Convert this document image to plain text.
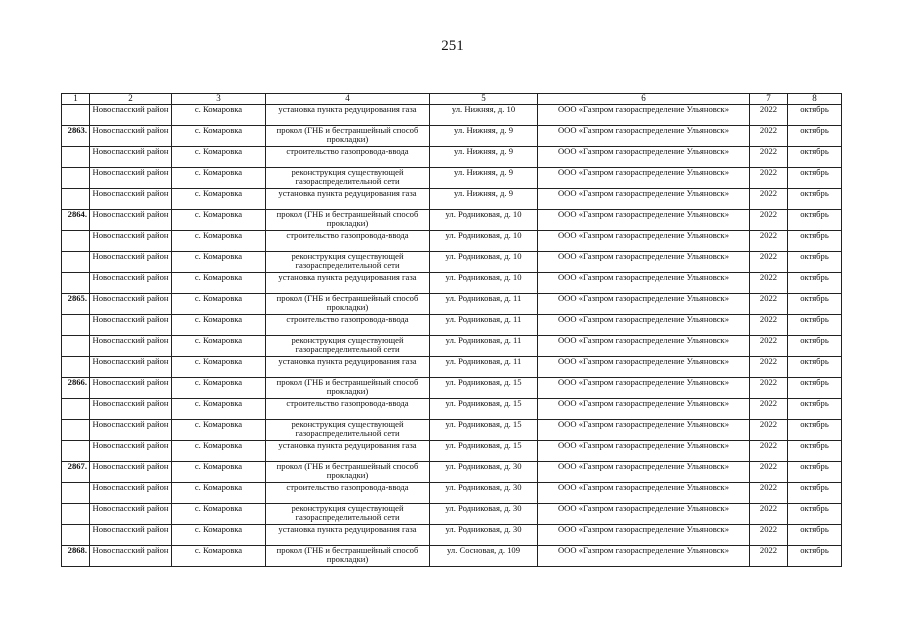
251
1	2	3	4	5	6	7	8
	Новоспасский район	с. Комаровка	установка пункта редуцирования газа	ул. Нижняя, д. 10	ООО «Газпром газораспределение Ульяновск»	2022	октябрь
2863.	Новоспасский район	с. Комаровка	прокол (ГНБ и бестраншейный способ прокладки)	ул. Нижняя, д. 9	ООО «Газпром газораспределение Ульяновск»	2022	октябрь
	Новоспасский район	с. Комаровка	строительство газопровода-ввода	ул. Нижняя, д. 9	ООО «Газпром газораспределение Ульяновск»	2022	октябрь
	Новоспасский район	с. Комаровка	реконструкция существующей газораспределительной сети	ул. Нижняя, д. 9	ООО «Газпром газораспределение Ульяновск»	2022	октябрь
	Новоспасский район	с. Комаровка	установка пункта редуцирования газа	ул. Нижняя, д. 9	ООО «Газпром газораспределение Ульяновск»	2022	октябрь
2864.	Новоспасский район	с. Комаровка	прокол (ГНБ и бестраншейный способ прокладки)	ул. Родниковая, д. 10	ООО «Газпром газораспределение Ульяновск»	2022	октябрь
	Новоспасский район	с. Комаровка	строительство газопровода-ввода	ул. Родниковая, д. 10	ООО «Газпром газораспределение Ульяновск»	2022	октябрь
	Новоспасский район	с. Комаровка	реконструкция существующей газораспределительной сети	ул. Родниковая, д. 10	ООО «Газпром газораспределение Ульяновск»	2022	октябрь
	Новоспасский район	с. Комаровка	установка пункта редуцирования газа	ул. Родниковая, д. 10	ООО «Газпром газораспределение Ульяновск»	2022	октябрь
2865.	Новоспасский район	с. Комаровка	прокол (ГНБ и бестраншейный способ прокладки)	ул. Родниковая, д. 11	ООО «Газпром газораспределение Ульяновск»	2022	октябрь
	Новоспасский район	с. Комаровка	строительство газопровода-ввода	ул. Родниковая, д. 11	ООО «Газпром газораспределение Ульяновск»	2022	октябрь
	Новоспасский район	с. Комаровка	реконструкция существующей газораспределительной сети	ул. Родниковая, д. 11	ООО «Газпром газораспределение Ульяновск»	2022	октябрь
	Новоспасский район	с. Комаровка	установка пункта редуцирования газа	ул. Родниковая, д. 11	ООО «Газпром газораспределение Ульяновск»	2022	октябрь
2866.	Новоспасский район	с. Комаровка	прокол (ГНБ и бестраншейный способ прокладки)	ул. Родниковая, д. 15	ООО «Газпром газораспределение Ульяновск»	2022	октябрь
	Новоспасский район	с. Комаровка	строительство газопровода-ввода	ул. Родниковая, д. 15	ООО «Газпром газораспределение Ульяновск»	2022	октябрь
	Новоспасский район	с. Комаровка	реконструкция существующей газораспределительной сети	ул. Родниковая, д. 15	ООО «Газпром газораспределение Ульяновск»	2022	октябрь
	Новоспасский район	с. Комаровка	установка пункта редуцирования газа	ул. Родниковая, д. 15	ООО «Газпром газораспределение Ульяновск»	2022	октябрь
2867.	Новоспасский район	с. Комаровка	прокол (ГНБ и бестраншейный способ прокладки)	ул. Родниковая, д. 30	ООО «Газпром газораспределение Ульяновск»	2022	октябрь
	Новоспасский район	с. Комаровка	строительство газопровода-ввода	ул. Родниковая, д. 30	ООО «Газпром газораспределение Ульяновск»	2022	октябрь
	Новоспасский район	с. Комаровка	реконструкция существующей газораспределительной сети	ул. Родниковая, д. 30	ООО «Газпром газораспределение Ульяновск»	2022	октябрь
	Новоспасский район	с. Комаровка	установка пункта редуцирования газа	ул. Родниковая, д. 30	ООО «Газпром газораспределение Ульяновск»	2022	октябрь
2868.	Новоспасский район	с. Комаровка	прокол (ГНБ и бестраншейный способ прокладки)	ул. Сосновая, д. 109	ООО «Газпром газораспределение Ульяновск»	2022	октябрь
